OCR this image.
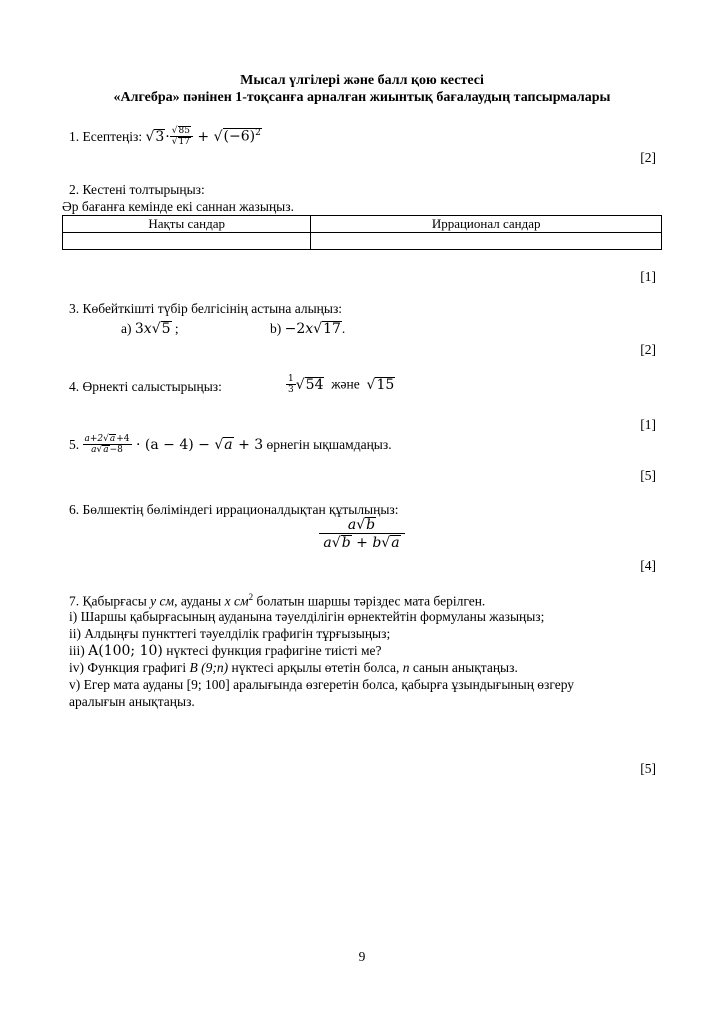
Мысал үлгілері және балл қою кестесі
«Алгебра» пәнінен 1-тоқсанға арналған жиынтық бағалаудың тапсырмалары
1. Есептеңіз: $√3\cdot \frac{√85}{√17} + √(-6)^2$
[2]
2. Кестені толтырыңыз:
Әр бағанға кемінде екі саннан жазыңыз.
Нақты сандар	Иррационал сандар

[1]
3. Көбейткішті түбір белгісінің астына алыңыз:
a) 3x√5 ;	b) −2x√17.
[2]
4. Өрнекті салыстырыңыз:	$\frac{1}{3} √54$ және √15
[1]
5. $\frac{a+2√a+4}{a√a-8} \cdot (a - 4) - √a + 3$ өрнегін ықшамдаңыз.
[5]
6. Бөлшектің бөліміндегі иррационалдықтан құтылыңыз:
$\frac{a√b}{a√b + b√a}$
[4]
7. Қабырғасы y см, ауданы x $см^2$ болатын шаршы тәріздес мата берілген.
i) Шаршы қабырғасының ауданына тәуелділігін өрнектейтін формуланы жазыңыз;
ii) Алдыңғы пункттегі тәуелділік графигін тұрғызыңыз;
iii) A(100; 10) нүктесі функция графигіне тиісті ме?
iv) Функция графигі B (9;n) нүктесі арқылы өтетін болса, n санын анықтаңыз.
v) Егер мата ауданы [9; 100] аралығында өзгеретін болса, қабырға ұзындығының өзгеру
аралығын анықтаңыз.
[5]
9
